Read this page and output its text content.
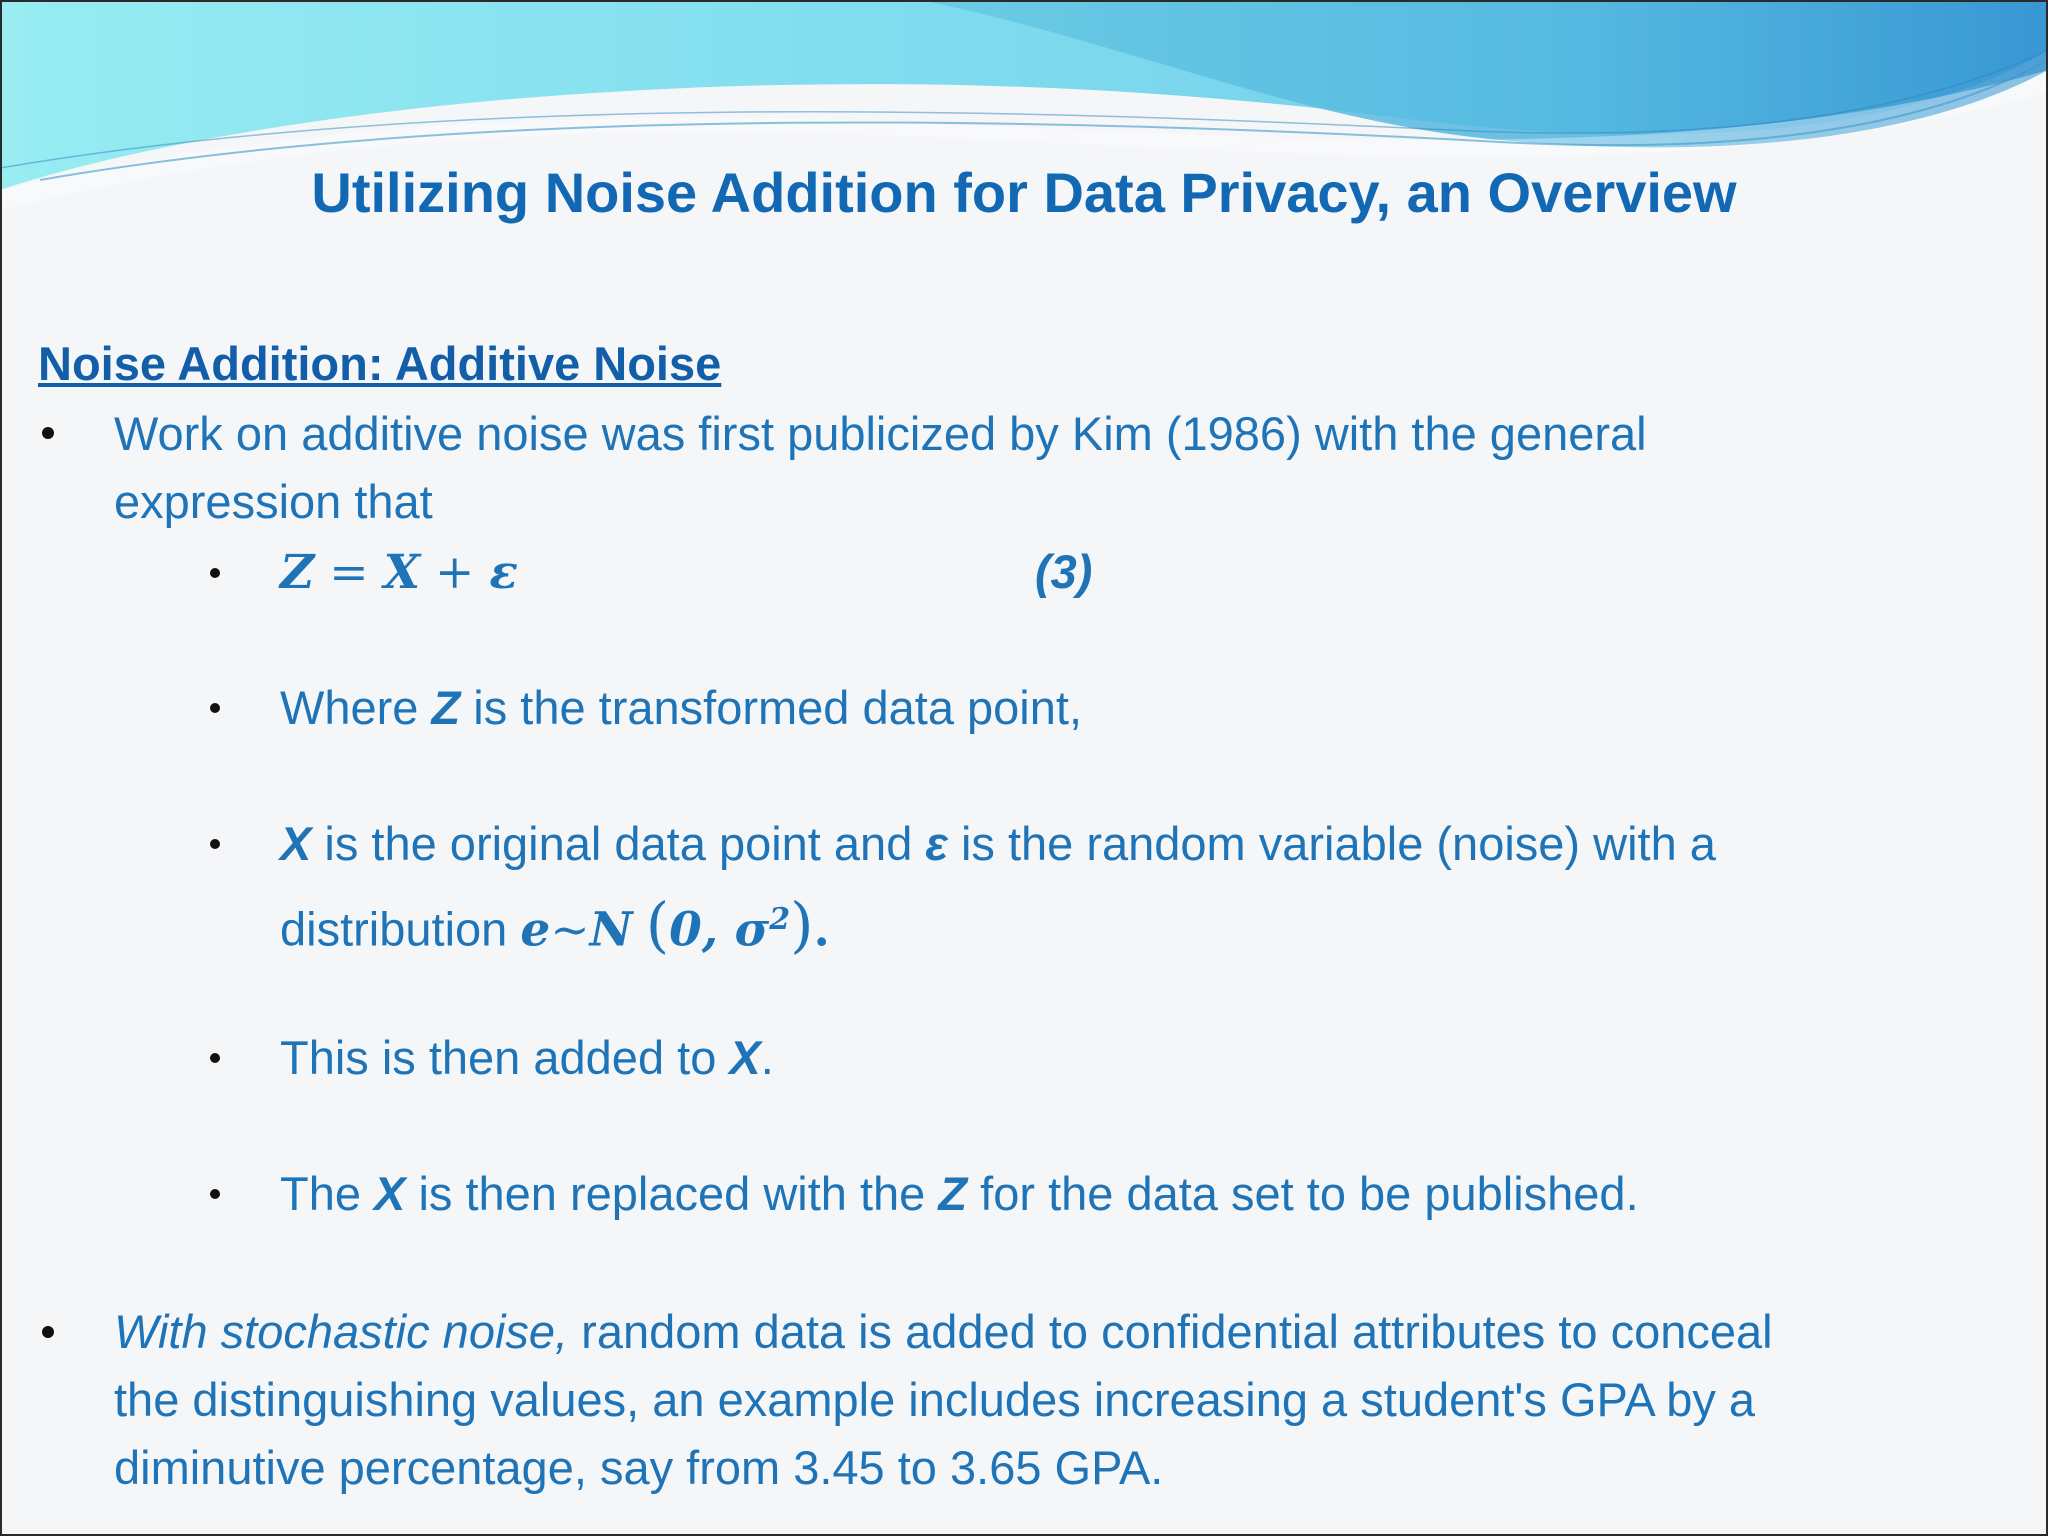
Utilizing Noise Addition for Data Privacy, an Overview
Noise Addition: Additive Noise
Work on additive noise was first publicized by Kim (1986) with the general
expression that
Z = X + ε	(3)
Where Z is the transformed data point,
X is the original data point and ε is the random variable (noise) with a
distribution e~N (0, $\sigma^2$).
This is then added to X.
The X is then replaced with the Z for the data set to be published.
With stochastic noise, random data is added to confidential attributes to conceal
the distinguishing values, an example includes increasing a student's GPA by a
diminutive percentage, say from 3.45 to 3.65 GPA.
